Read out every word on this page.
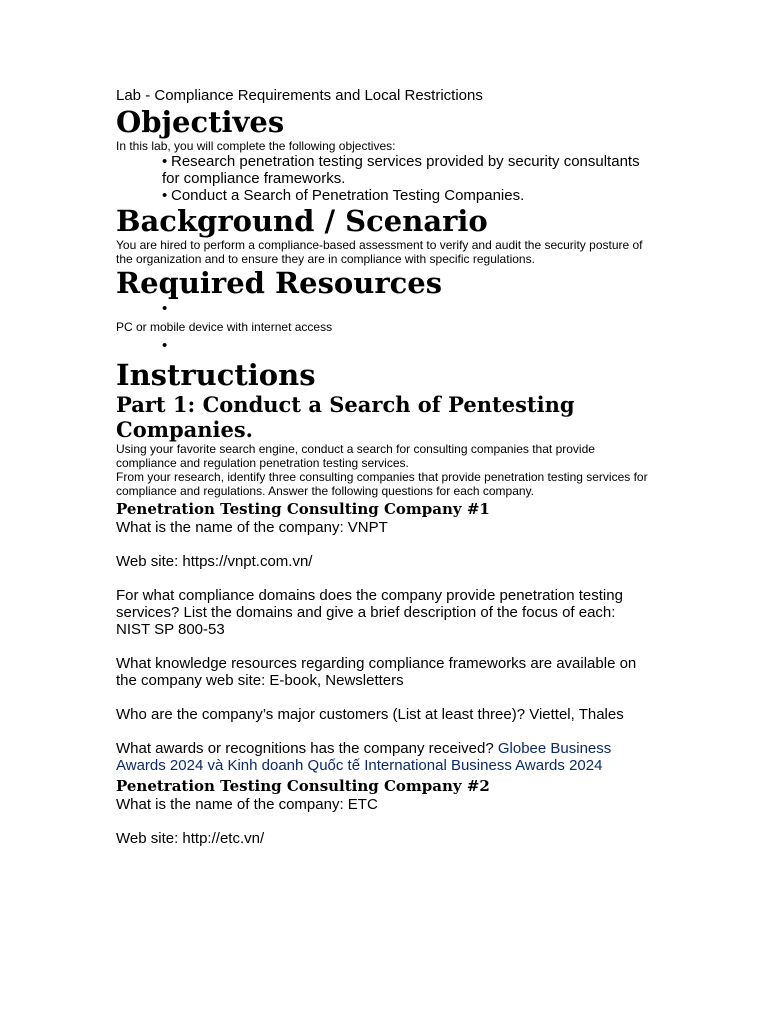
Lab - Compliance Requirements and Local Restrictions

Objectives

In this lab, you will complete the following objectives:

• Research penetration testing services provided by security consultants for compliance frameworks.
• Conduct a Search of Penetration Testing Companies.
Background / Scenario

You are hired to perform a compliance-based assessment to verify and audit the security posture of the organization and to ensure they are in compliance with specific regulations.

Required Resources
•

PC or mobile device with internet access

•
Instructions
Part 1: Conduct a Search of Pentesting Companies.

Using your favorite search engine, conduct a search for consulting companies that provide compliance and regulation penetration testing services.

From your research, identify three consulting companies that provide penetration testing services for compliance and regulations. Answer the following questions for each company.

Penetration Testing Consulting Company #1

What is the name of the company: VNPT

Web site: https://vnpt.com.vn/

For what compliance domains does the company provide penetration testing services? List the domains and give a brief description of the focus of each:

NIST SP 800-53

What knowledge resources regarding compliance frameworks are available on the company web site: E-book, Newsletters

Who are the company’s major customers (List at least three)? Viettel, Thales

What awards or recognitions has the company received? Globee Business Awards 2024 và Kinh doanh Quốc tế International Business Awards 2024

Penetration Testing Consulting Company #2

What is the name of the company: ETC

Web site: http://etc.vn/
